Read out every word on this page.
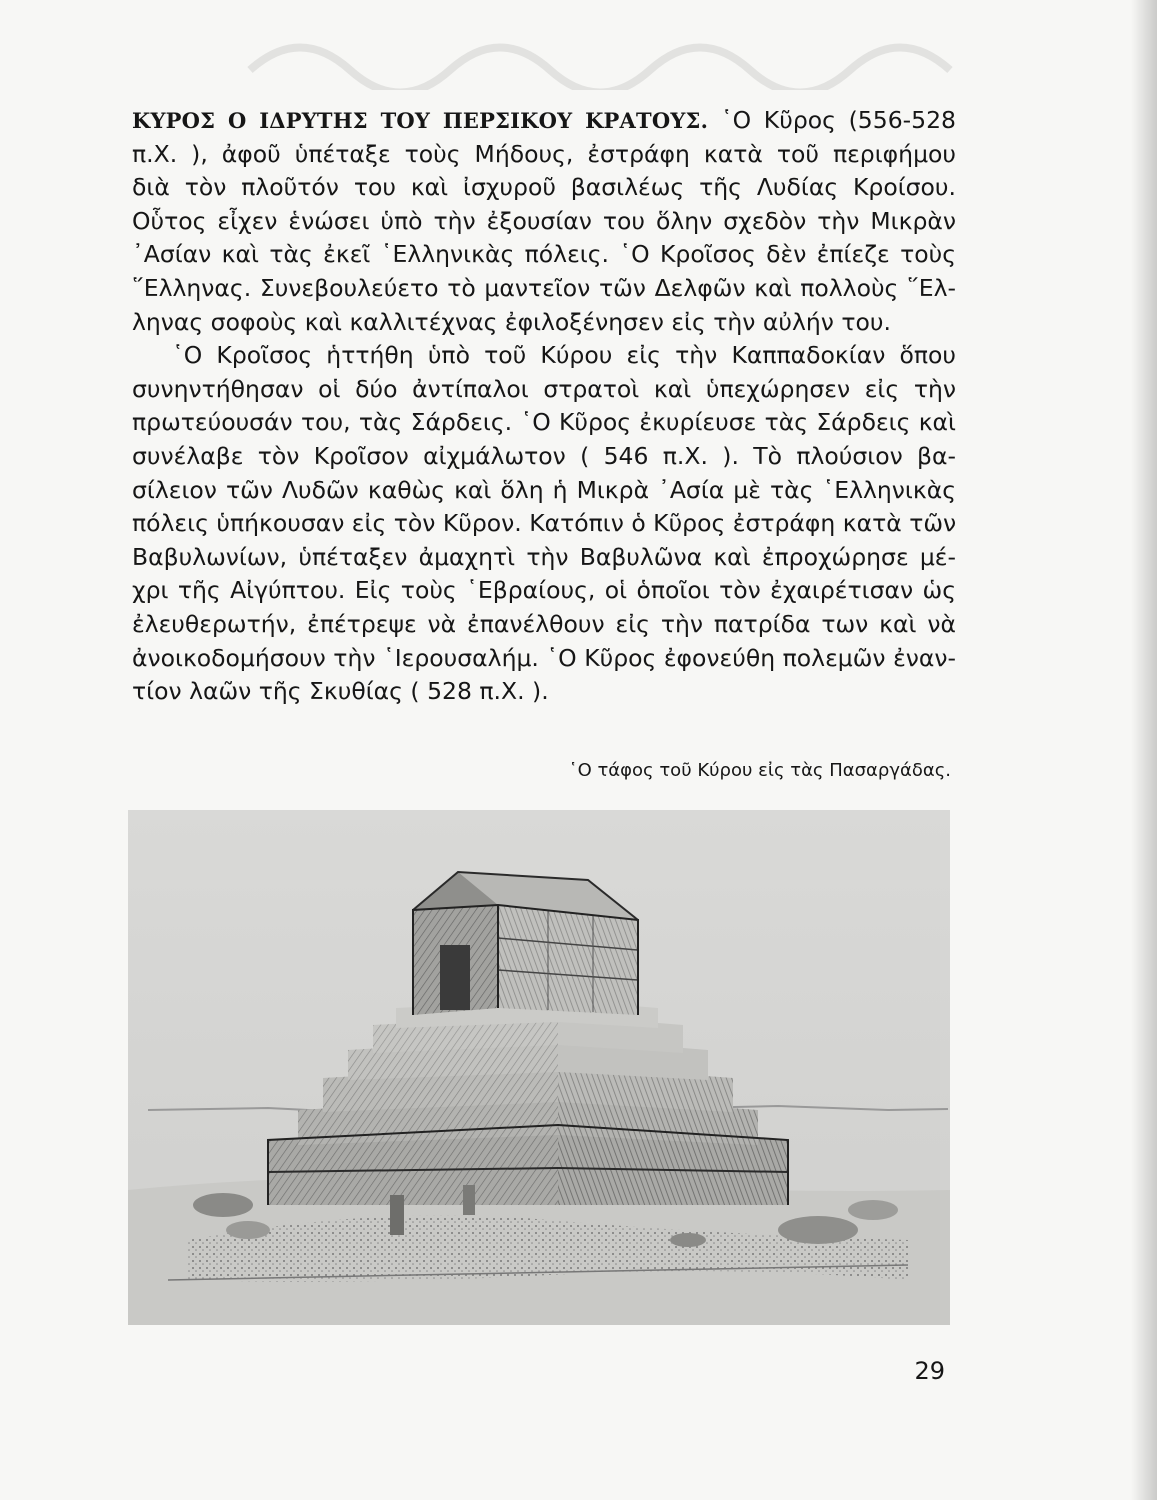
ΚΥΡΟΣ Ο ΙΔΡΥΤΗΣ ΤΟΥ ΠΕΡΣΙΚΟΥ ΚΡΑΤΟΥΣ. ῾Ο Κῦρος (556-528
π.Χ. ), ἀφοῦ ὑπέταξε τοὺς Μήδους, ἐστράφη κατὰ τοῦ περιφήμου
διὰ τὸν πλοῦτόν του καὶ ἰσχυροῦ βασιλέως τῆς Λυδίας Κροίσου.
Οὗτος εἶχεν ἑνώσει ὑπὸ τὴν ἐξουσίαν του ὅλην σχεδὸν τὴν Μικρὰν
᾿Ασίαν καὶ τὰς ἐκεῖ ῾Ελληνικὰς πόλεις. ῾Ο Κροῖσος δὲν ἐπίεζε τοὺς
῞Ελληνας. Συνεβουλεύετο τὸ μαντεῖον τῶν Δελφῶν καὶ πολλοὺς ῞Ελ-
ληνας σοφοὺς καὶ καλλιτέχνας ἐφιλοξένησεν εἰς τὴν αὐλήν του.
῾Ο Κροῖσος ἡττήθη ὑπὸ τοῦ Κύρου εἰς τὴν Καππαδοκίαν ὅπου
συνηντήθησαν οἱ δύο ἀντίπαλοι στρατοὶ καὶ ὑπεχώρησεν εἰς τὴν
πρωτεύουσάν του, τὰς Σάρδεις. ῾Ο Κῦρος ἐκυρίευσε τὰς Σάρδεις καὶ
συνέλαβε τὸν Κροῖσον αἰχμάλωτον ( 546 π.Χ. ). Τὸ πλούσιον βα-
σίλειον τῶν Λυδῶν καθὼς καὶ ὅλη ἡ Μικρὰ ᾿Ασία μὲ τὰς ῾Ελληνικὰς
πόλεις ὑπήκουσαν εἰς τὸν Κῦρον. Κατόπιν ὁ Κῦρος ἐστράφη κατὰ τῶν
Βαβυλωνίων, ὑπέταξεν ἀμαχητὶ τὴν Βαβυλῶνα καὶ ἐπροχώρησε μέ-
χρι τῆς Αἰγύπτου. Εἰς τοὺς ῾Εβραίους, οἱ ὁποῖοι τὸν ἐχαιρέτισαν ὡς
ἐλευθερωτήν, ἐπέτρεψε νὰ ἐπανέλθουν εἰς τὴν πατρίδα των καὶ νὰ
ἀνοικοδομήσουν τὴν ῾Ιερουσαλήμ. ῾Ο Κῦρος ἐφονεύθη πολεμῶν ἐναν-
τίον λαῶν τῆς Σκυθίας ( 528 π.Χ. ).
῾Ο τάφος τοῦ Κύρου εἰς τὰς Πασαργάδας.
29
